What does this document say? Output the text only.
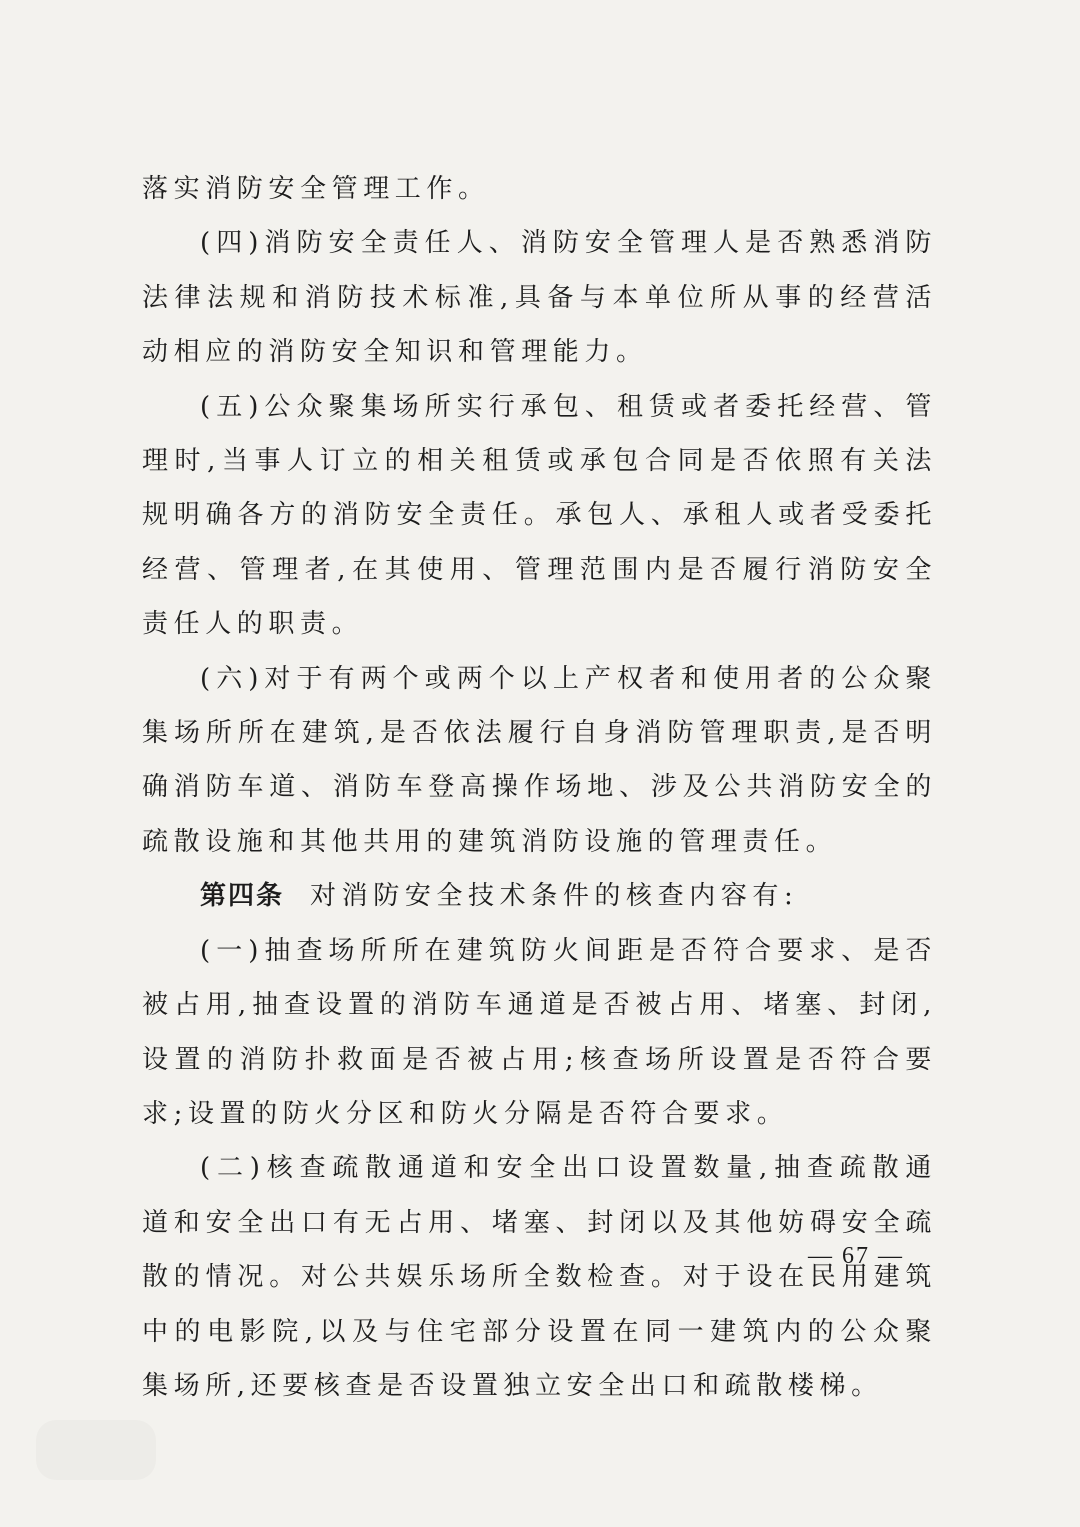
落实消防安全管理工作。

(四)消防安全责任人、消防安全管理人是否熟悉消防法律法规和消防技术标准,具备与本单位所从事的经营活动相应的消防安全知识和管理能力。

(五)公众聚集场所实行承包、租赁或者委托经营、管理时,当事人订立的相关租赁或承包合同是否依照有关法规明确各方的消防安全责任。承包人、承租人或者受委托经营、管理者,在其使用、管理范围内是否履行消防安全责任人的职责。

(六)对于有两个或两个以上产权者和使用者的公众聚集场所所在建筑,是否依法履行自身消防管理职责,是否明确消防车道、消防车登高操作场地、涉及公共消防安全的疏散设施和其他共用的建筑消防设施的管理责任。

第四条 对消防安全技术条件的核查内容有:

(一)抽查场所所在建筑防火间距是否符合要求、是否被占用,抽查设置的消防车通道是否被占用、堵塞、封闭,设置的消防扑救面是否被占用;核查场所设置是否符合要求;设置的防火分区和防火分隔是否符合要求。

(二)核查疏散通道和安全出口设置数量,抽查疏散通道和安全出口有无占用、堵塞、封闭以及其他妨碍安全疏散的情况。对公共娱乐场所全数检查。对于设在民用建筑中的电影院,以及与住宅部分设置在同一建筑内的公众聚集场所,还要核查是否设置独立安全出口和疏散楼梯。

— 67 —
